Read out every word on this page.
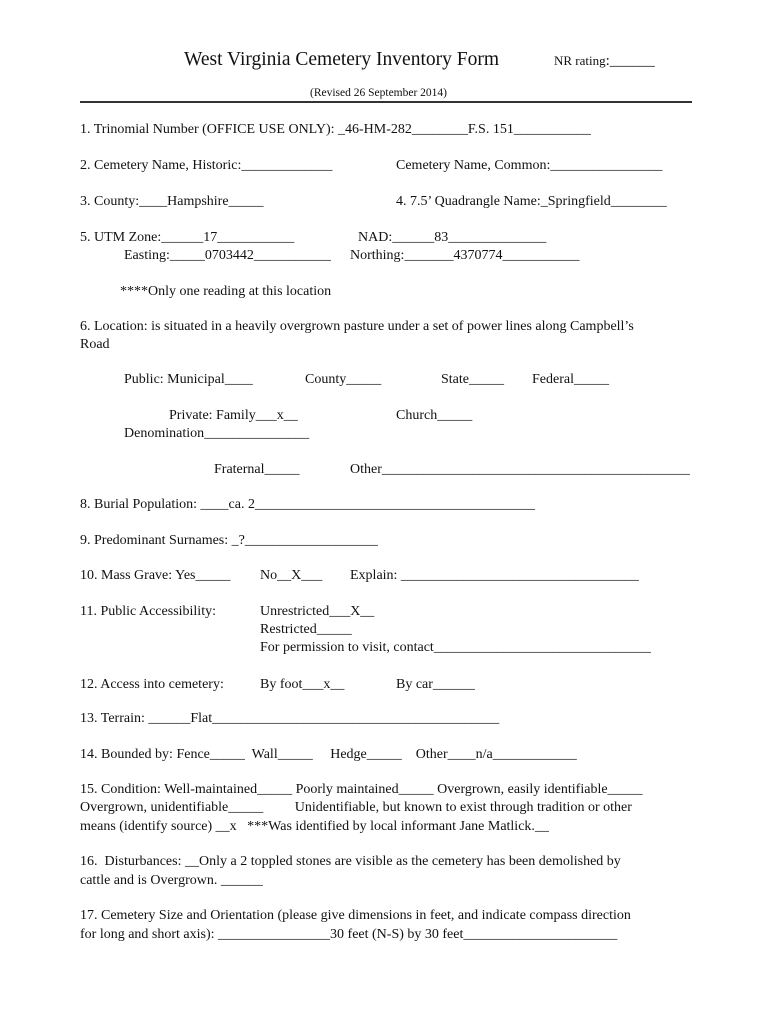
West Virginia Cemetery Inventory Form	NR rating:______
(Revised 26 September 2014)
1. Trinomial Number (OFFICE USE ONLY): _46-HM-282________F.S. 151___________
2. Cemetery Name, Historic:_____________	Cemetery Name, Common:________________
3. County:____Hampshire_____	4. 7.5’ Quadrangle Name:_Springfield________
5. UTM Zone:______17___________	NAD:______83______________
Easting:_____0703442___________ Northing:_______4370774___________
****Only one reading at this location
6. Location: is situated in a heavily overgrown pasture under a set of power lines along Campbell’s
Road
Public: Municipal____	County_____	State_____ Federal_____
Private: Family___x__	Church_____
Denomination_______________
Fraternal_____	Other____________________________________________
8. Burial Population: ____ca. 2________________________________________
9. Predominant Surnames: _?___________________
10. Mass Grave: Yes_____ No__X___ Explain: __________________________________
11. Public Accessibility:	Unrestricted___X__
Restricted_____
For permission to visit, contact_______________________________
12. Access into cemetery:	By foot___x__	By car______
13. Terrain: ______Flat_________________________________________
14. Bounded by: Fence_____  Wall_____     Hedge_____    Other____n/a____________
15. Condition: Well-maintained_____ Poorly maintained_____ Overgrown, easily identifiable_____
Overgrown, unidentifiable_____         Unidentifiable, but known to exist through tradition or other
means (identify source) __x   ***Was identified by local informant Jane Matlick.__
16.  Disturbances: __Only a 2 toppled stones are visible as the cemetery has been demolished by
cattle and is Overgrown. ______
17. Cemetery Size and Orientation (please give dimensions in feet, and indicate compass direction
for long and short axis): ________________30 feet (N-S) by 30 feet______________________
